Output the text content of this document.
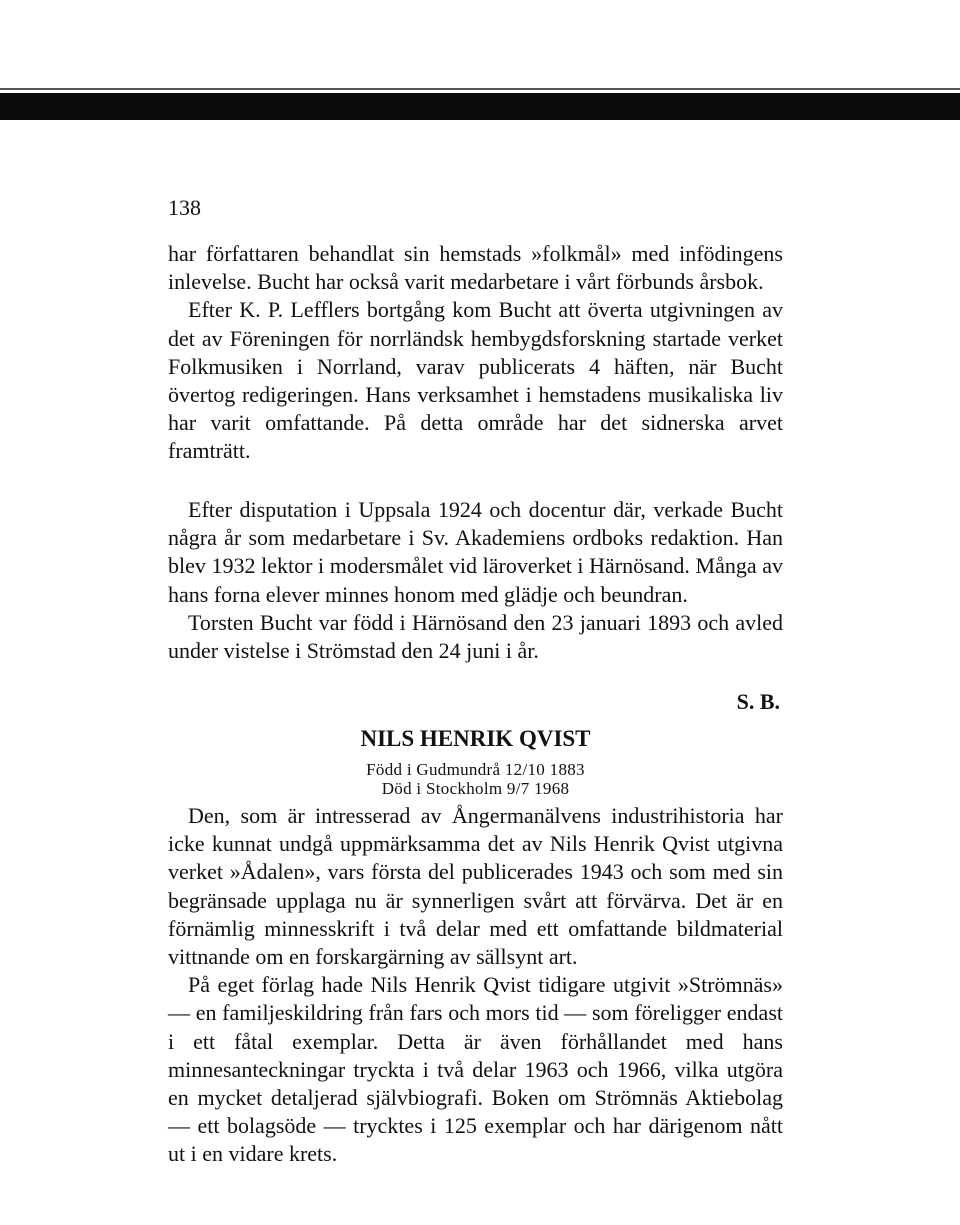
138

har författaren behandlat sin hemstads »folkmål» med infödingens inlevelse. Bucht har också varit medarbetare i vårt förbunds årsbok.

Efter K. P. Lefflers bortgång kom Bucht att överta utgivningen av det av Föreningen för norrländsk hembygdsforskning startade verket Folkmusiken i Norrland, varav publicerats 4 häften, när Bucht övertog redigeringen. Hans verksamhet i hemstadens musikaliska liv har varit omfattande. På detta område har det sidnerska arvet framträtt.

Efter disputation i Uppsala 1924 och docentur där, verkade Bucht några år som medarbetare i Sv. Akademiens ordboks redaktion. Han blev 1932 lektor i modersmålet vid läroverket i Härnösand. Många av hans forna elever minnes honom med glädje och beundran.

Torsten Bucht var född i Härnösand den 23 januari 1893 och avled under vistelse i Strömstad den 24 juni i år.

S. B.
NILS HENRIK QVIST
Född i Gudmundrå 12/10 1883
Död i Stockholm 9/7 1968

Den, som är intresserad av Ångermanälvens industrihistoria har icke kunnat undgå uppmärksamma det av Nils Henrik Qvist utgivna verket »Ådalen», vars första del publicerades 1943 och som med sin begränsade upplaga nu är synnerligen svårt att förvärva. Det är en förnämlig minnesskrift i två delar med ett omfattande bildmaterial vittnande om en forskargärning av sällsynt art.

På eget förlag hade Nils Henrik Qvist tidigare utgivit »Strömnäs» — en familjeskildring från fars och mors tid — som föreligger endast i ett fåtal exemplar. Detta är även förhållandet med hans minnesanteckningar tryckta i två delar 1963 och 1966, vilka utgöra en mycket detaljerad självbiografi. Boken om Strömnäs Aktiebolag — ett bolagsöde — trycktes i 125 exemplar och har därigenom nått ut i en vidare krets.
